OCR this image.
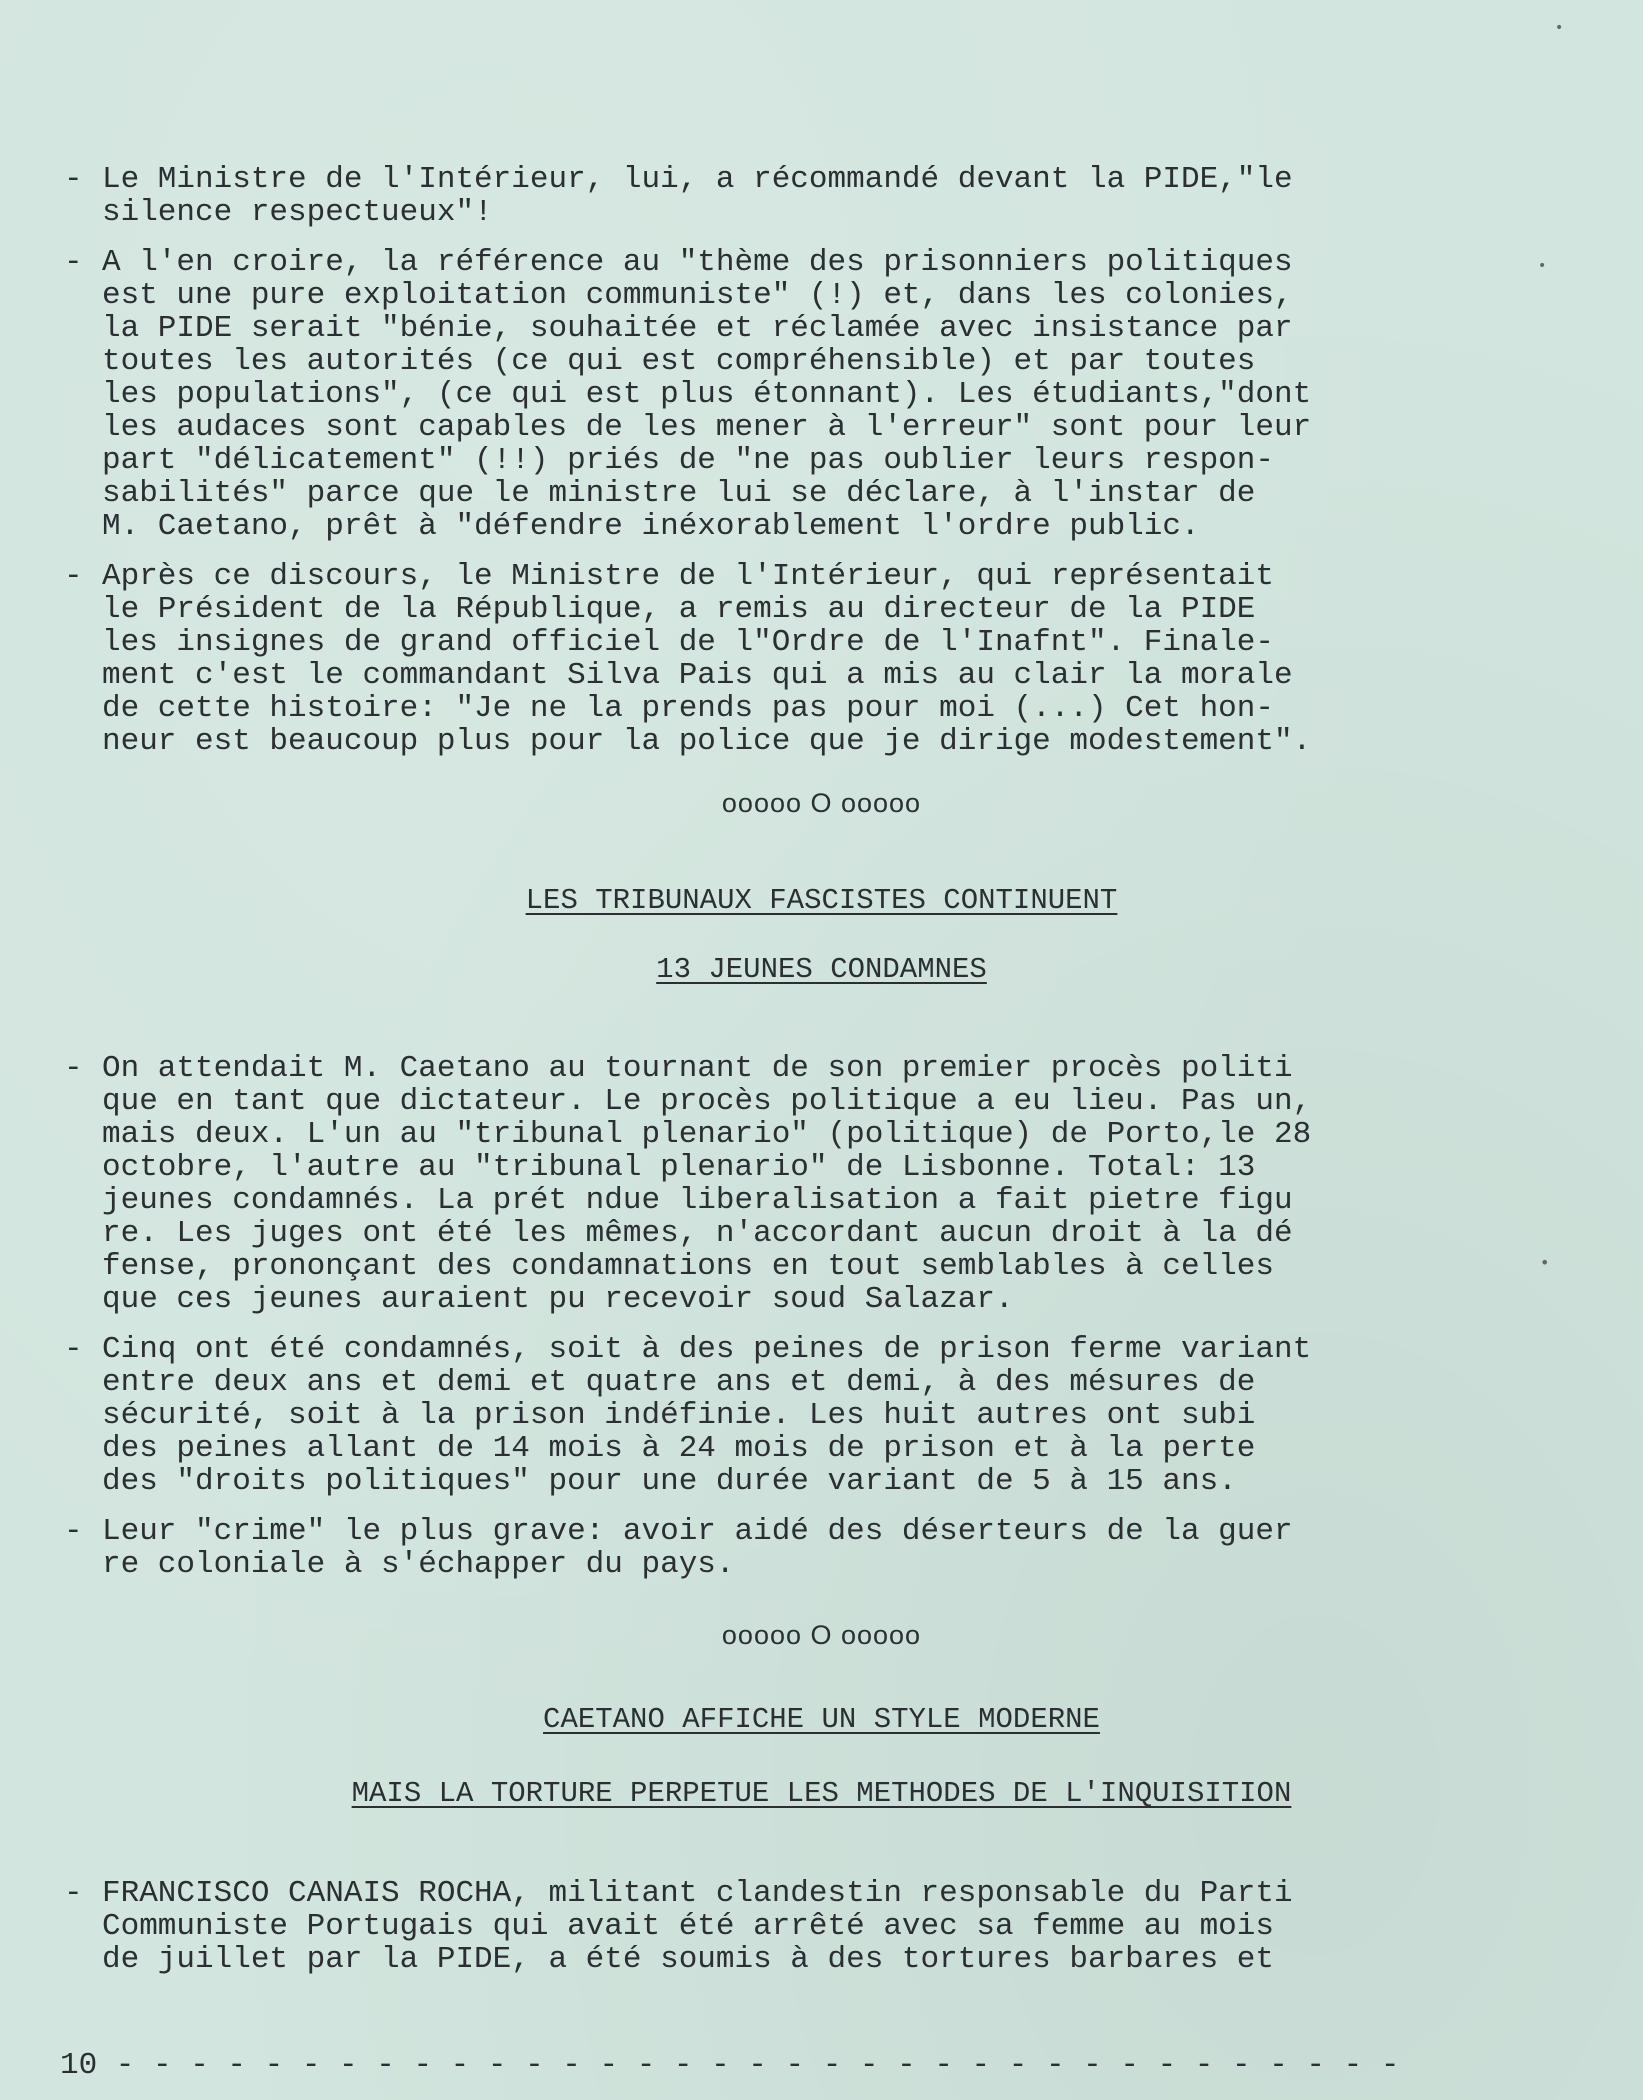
- Le Ministre de l'Intérieur, lui, a récommandé devant la PIDE,"le
silence respectueux"!
- A l'en croire, la référence au "thème des prisonniers politiques
est une pure exploitation communiste" (!) et, dans les colonies,
la PIDE serait "bénie, souhaitée et réclamée avec insistance par
toutes les autorités (ce qui est compréhensible) et par toutes
les populations", (ce qui est plus étonnant). Les étudiants,"dont
les audaces sont capables de les mener à l'erreur" sont pour leur
part "délicatement" (!!) priés de "ne pas oublier leurs respon-
sabilités" parce que le ministre lui se déclare, à l'instar de
M. Caetano, prêt à "défendre inéxorablement l'ordre public.
- Après ce discours, le Ministre de l'Intérieur, qui représentait
le Président de la République, a remis au directeur de la PIDE
les insignes de grand officiel de l"Ordre de l'Inafnt". Finale-
ment c'est le commandant Silva Pais qui a mis au clair la morale
de cette histoire: "Je ne la prends pas pour moi (...) Cet hon-
neur est beaucoup plus pour la police que je dirige modestement".
ooooo O ooooo
LES TRIBUNAUX FASCISTES CONTINUENT
13 JEUNES CONDAMNES
- On attendait M. Caetano au tournant de son premier procès politi
que en tant que dictateur. Le procès politique a eu lieu. Pas un,
mais deux. L'un au "tribunal plenario" (politique) de Porto,le 28
octobre, l'autre au "tribunal plenario" de Lisbonne. Total: 13
jeunes condamnés. La prét ndue liberalisation a fait pietre figu
re. Les juges ont été les mêmes, n'accordant aucun droit à la dé
fense, prononçant des condamnations en tout semblables à celles
que ces jeunes auraient pu recevoir soud Salazar.
- Cinq ont été condamnés, soit à des peines de prison ferme variant
entre deux ans et demi et quatre ans et demi, à des mésures de
sécurité, soit à la prison indéfinie. Les huit autres ont subi
des peines allant de 14 mois à 24 mois de prison et à la perte
des "droits politiques" pour une durée variant de 5 à 15 ans.
- Leur "crime" le plus grave: avoir aidé des déserteurs de la guer
re coloniale à s'échapper du pays.
ooooo O ooooo
CAETANO AFFICHE UN STYLE MODERNE
MAIS LA TORTURE PERPETUE LES METHODES DE L'INQUISITION
- FRANCISCO CANAIS ROCHA, militant clandestin responsable du Parti
Communiste Portugais qui avait été arrêté avec sa femme au mois
de juillet par la PIDE, a été soumis à des tortures barbares et
10 - - - - - - - - - - - - - - - - - - - - - - - - - - - - - - - - - - -
•
•
•
